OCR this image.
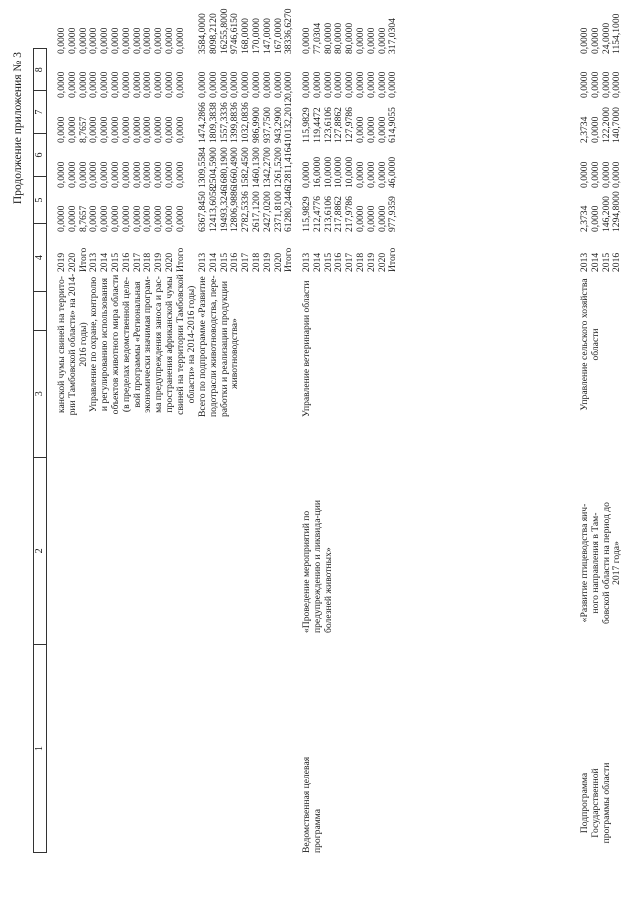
Продолжение приложения № 3
1
2
3
4
5
6
7
8
канской чумы свиней на террито- рии Тамбовской области» на 2014- 2016 годы) Управление по охране, контролю и регулированию использования объектов животного мира области (в пределах ведомственной целе- вой программы «Региональная экономически значимая програм- ма предупреждения заноса и рас- пространения африканской чумы свиней на территории Тамбовской области» на 2014-2016 годы)
2019 2020 Итого 2013 2014 2015 2016 2017 2018 2019 2020 Итого
0,0000 0,0000 8,7657 0,0000 0,0000 0,0000 0,0000 0,0000 0,0000 0,0000 0,0000 0,0000
0,0000 0,0000 0,0000 0,0000 0,0000 0,0000 0,0000 0,0000 0,0000 0,0000 0,0000 0,0000
0,0000 0,0000 8,7657 0,0000 0,0000 0,0000 0,0000 0,0000 0,0000 0,0000 0,0000 0,0000
0,0000 0,0000 0,0000 0,0000 0,0000 0,0000 0,0000 0,0000 0,0000 0,0000 0,0000 0,0000
0,0000 0,0000 0,0000 0,0000 0,0000 0,0000 0,0000 0,0000 0,0000 0,0000 0,0000 0,0000
Всего по подпрограмме «Развитие подотрасли животноводства, пере- работки и реализации продукции животноводства»
2013 2014 2015 2016 2017 2018 2019 2020 Итого
6367,8450 12413,6058 19493,3246 12806,9886 2782,5336 2617,1200 2427,0200 2371,8100 61280,2446
1309,5584 2504,5900 1680,1900 1660,4900 1582,4500 1460,1300 1342,2700 1261,5200 12811,4164
1474,2866 1809,3838 1557,3336 1399,8836 1032,0836 986,9900 937,7500 943,2900 10132,2012
0,0000 0,0000 0,0000 0,0000 0,0000 0,0000 0,0000 0,0000 0,0000
3584,0000 8098,2120 16255,8000 9746,6150 168,0000 170,0000 147,0000 167,0000 38336,6270
Ведомственная целевая программа
«Проведение мероприятий по предупреждению и ликвида-ции болезней животных»
Управление ветеринарии области
2013 2014 2015 2016 2017 2018 2019 2020 Итого
115,9829 212,4776 213,6106 217,8862 217,9786 0,0000 0,0000 0,0000 977,9359
0,0000 16,0000 10,0000 10,0000 10,0000 0,0000 0,0000 0,0000 46,0000
115,9829 119,4472 123,6106 127,8862 127,9786 0,0000 0,0000 0,0000 614,9055
0,0000 0,0000 0,0000 0,0000 0,0000 0,0000 0,0000 0,0000 0,0000
0,0000 77,0304 80,0000 80,0000 80,0000 0,0000 0,0000 0,0000 317,0304
Подпрограмма Государственной программы области
«Развитие птицеводства яич- ного направления в Там- бовской области на период до 2017 года»
Управление сельского хозяйства области
2013 2014 2015 2016
2,3734 0,0000 146,2000 1294,8000
0,0000 0,0000 0,0000 0,0000
2,3734 0,0000 122,2000 140,7000
0,0000 0,0000 0,0000 0,0000
0,0000 0,0000 24,0000 1154,1000
